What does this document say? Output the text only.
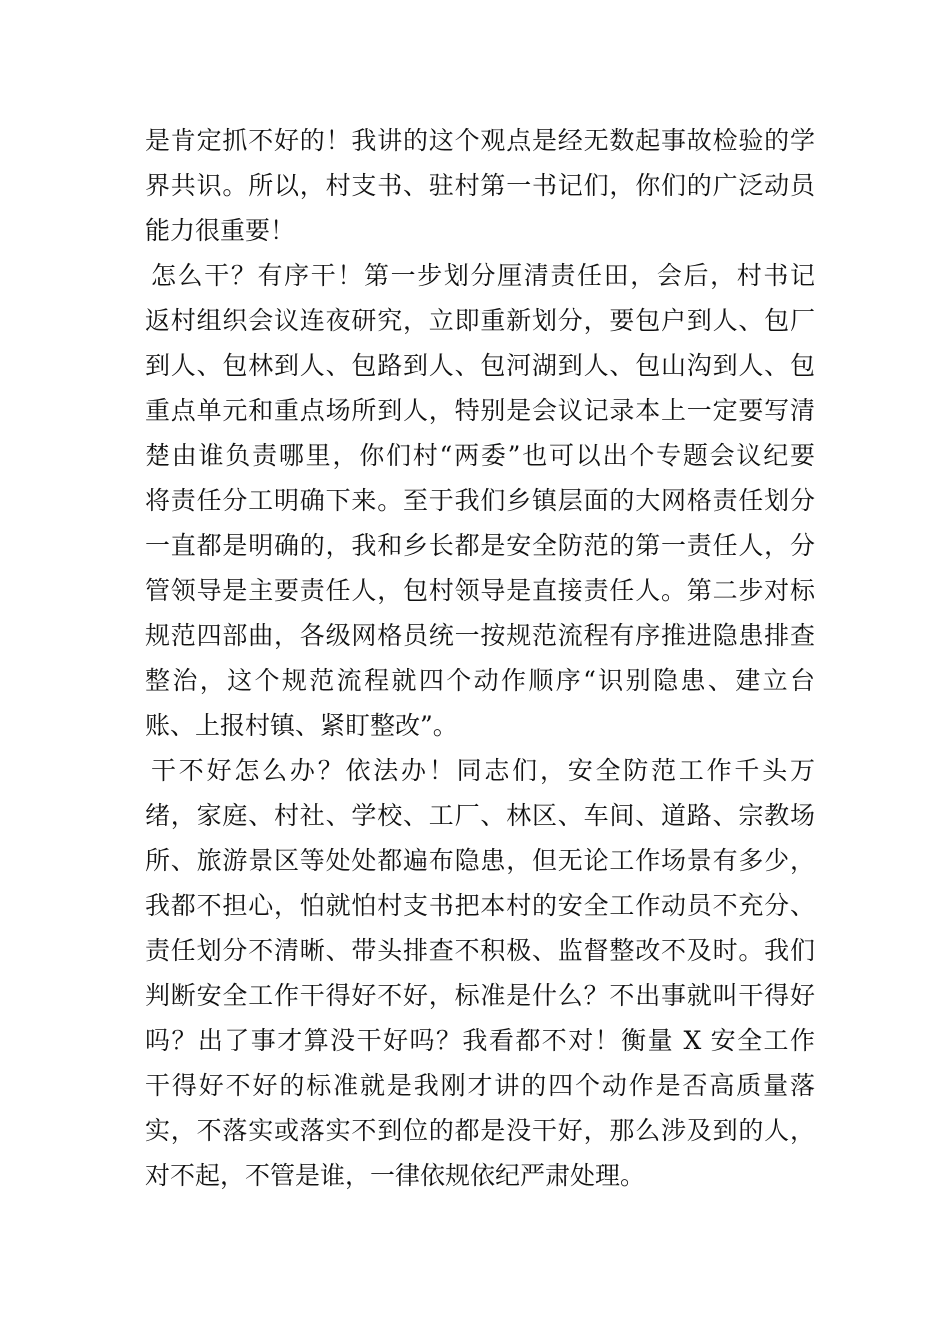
是肯定抓不好的！我讲的这个观点是经无数起事故检验的学
界共识。所以，村支书、驻村第一书记们，你们的广泛动员
能力很重要！
怎么干？有序干！第一步划分厘清责任田，会后，村书记
返村组织会议连夜研究，立即重新划分，要包户到人、包厂
到人、包林到人、包路到人、包河湖到人、包山沟到人、包
重点单元和重点场所到人，特别是会议记录本上一定要写清
楚由谁负责哪里，你们村“两委”也可以出个专题会议纪要
将责任分工明确下来。至于我们乡镇层面的大网格责任划分
一直都是明确的，我和乡长都是安全防范的第一责任人，分
管领导是主要责任人，包村领导是直接责任人。第二步对标
规范四部曲，各级网格员统一按规范流程有序推进隐患排查
整治，这个规范流程就四个动作顺序“识别隐患、建立台
账、上报村镇、紧盯整改”。
干不好怎么办？依法办！同志们，安全防范工作千头万
绪，家庭、村社、学校、工厂、林区、车间、道路、宗教场
所、旅游景区等处处都遍布隐患，但无论工作场景有多少，
我都不担心，怕就怕村支书把本村的安全工作动员不充分、
责任划分不清晰、带头排查不积极、监督整改不及时。我们
判断安全工作干得好不好，标准是什么？不出事就叫干得好
吗？出了事才算没干好吗？我看都不对！衡量 X 安全工作
干得好不好的标准就是我刚才讲的四个动作是否高质量落
实，不落实或落实不到位的都是没干好，那么涉及到的人，
对不起，不管是谁，一律依规依纪严肃处理。
